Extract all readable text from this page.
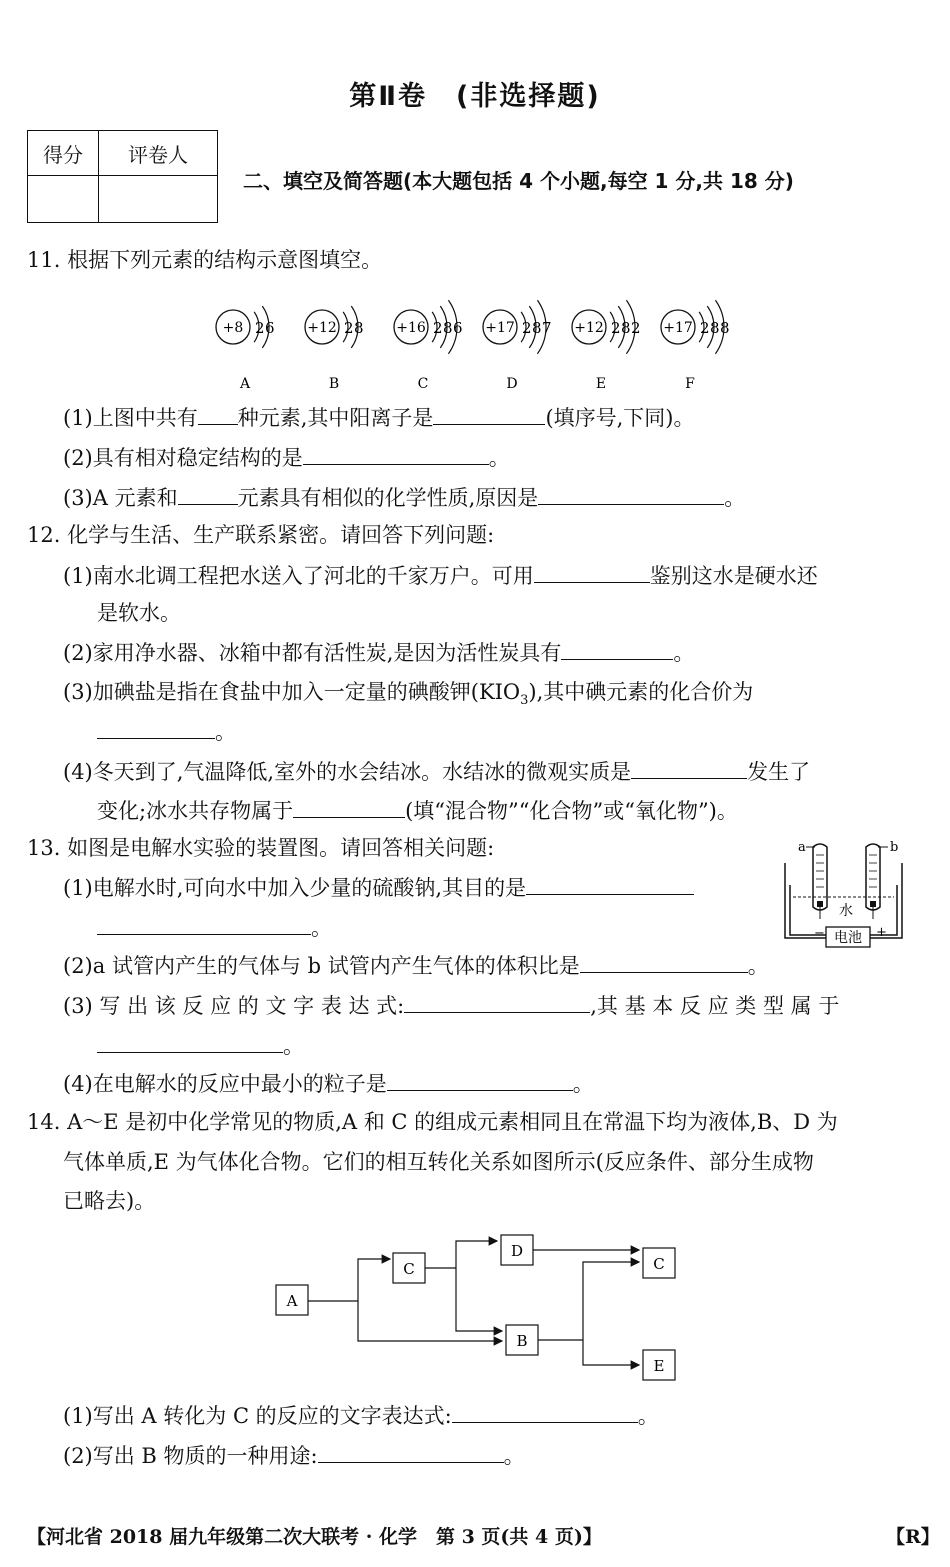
第Ⅱ卷　(非选择题)
得分	评卷人

二、填空及简答题(本大题包括 4 个小题,每空 1 分,共 18 分)
11. 根据下列元素的结构示意图填空。
+8 2 6
A
+12 2 8
B
+16 2 8 6
C
+17 2 8 7
D
+12 2 8 2
E
+17 2 8 8
F
(1)上图中共有 种元素,其中阳离子是	(填序号,下同)。
(2)具有相对稳定结构的是	。
(3)A 元素和	元素具有相似的化学性质,原因是	。
12. 化学与生活、生产联系紧密。请回答下列问题:
(1)南水北调工程把水送入了河北的千家万户。可用	鉴别这水是硬水还
是软水。
(2)家用净水器、冰箱中都有活性炭,是因为活性炭具有	。
(3)加碘盐是指在食盐中加入一定量的碘酸钾$(KIO_3)$,其中碘元素的化合价为
。
(4)冬天到了,气温降低,室外的水会结冰。水结冰的微观实质是	发生了
变化;冰水共存物属于	(填“混合物”“化合物”或“氧化物”)。
13. 如图是电解水实验的装置图。请回答相关问题:	a	b
水
电池
−	+
(1)电解水时,可向水中加入少量的硫酸钠,其目的是
。
(2)a 试管内产生的气体与 b 试管内产生气体的体积比是	。
(3) 写 出 该 反 应 的 文 字 表 达 式:	,其 基 本 反 应 类 型 属 于
。
(4)在电解水的反应中最小的粒子是	。
14. A～E 是初中化学常见的物质,A 和 C 的组成元素相同且在常温下均为液体,B、D 为
气体单质,E 为气体化合物。它们的相互转化关系如图所示(反应条件、部分生成物
已略去)。
A
C
D
C
B
E
(1)写出 A 转化为 C 的反应的文字表达式:	。
(2)写出 B 物质的一种用途:	。
【河北省 2018 届九年级第二次大联考 · 化学　第 3 页(共 4 页)】	【R】
